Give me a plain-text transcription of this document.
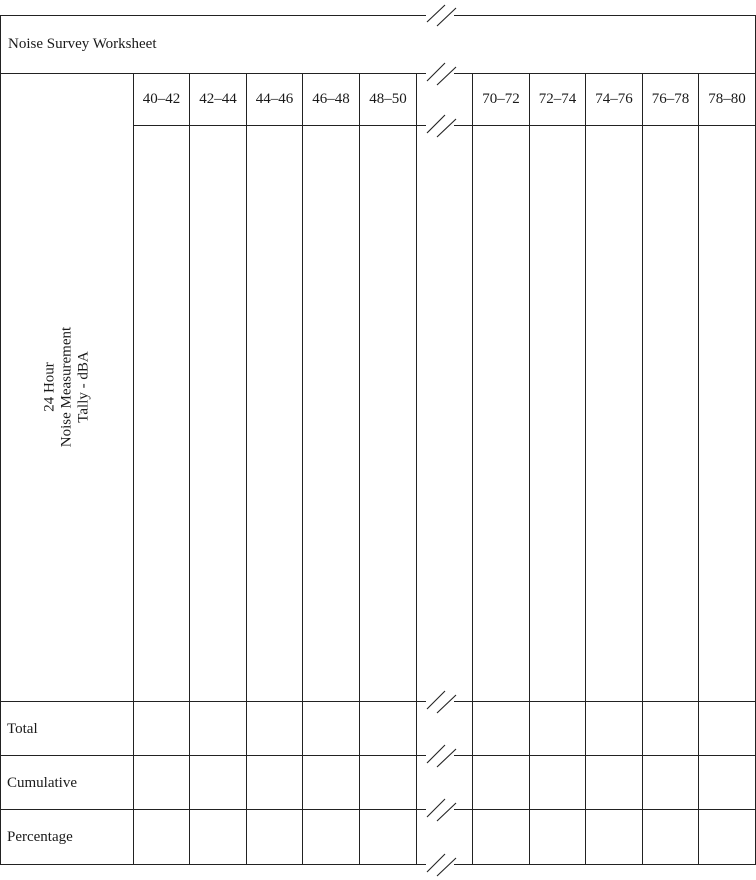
Noise Survey Worksheet
40–42	42–44	44–46	46–48	48–50	70–72	72–74	74–76	76–78	78–80
24 Hour Noise Measurement Tally - dBA
Total
Cumulative
Percentage
